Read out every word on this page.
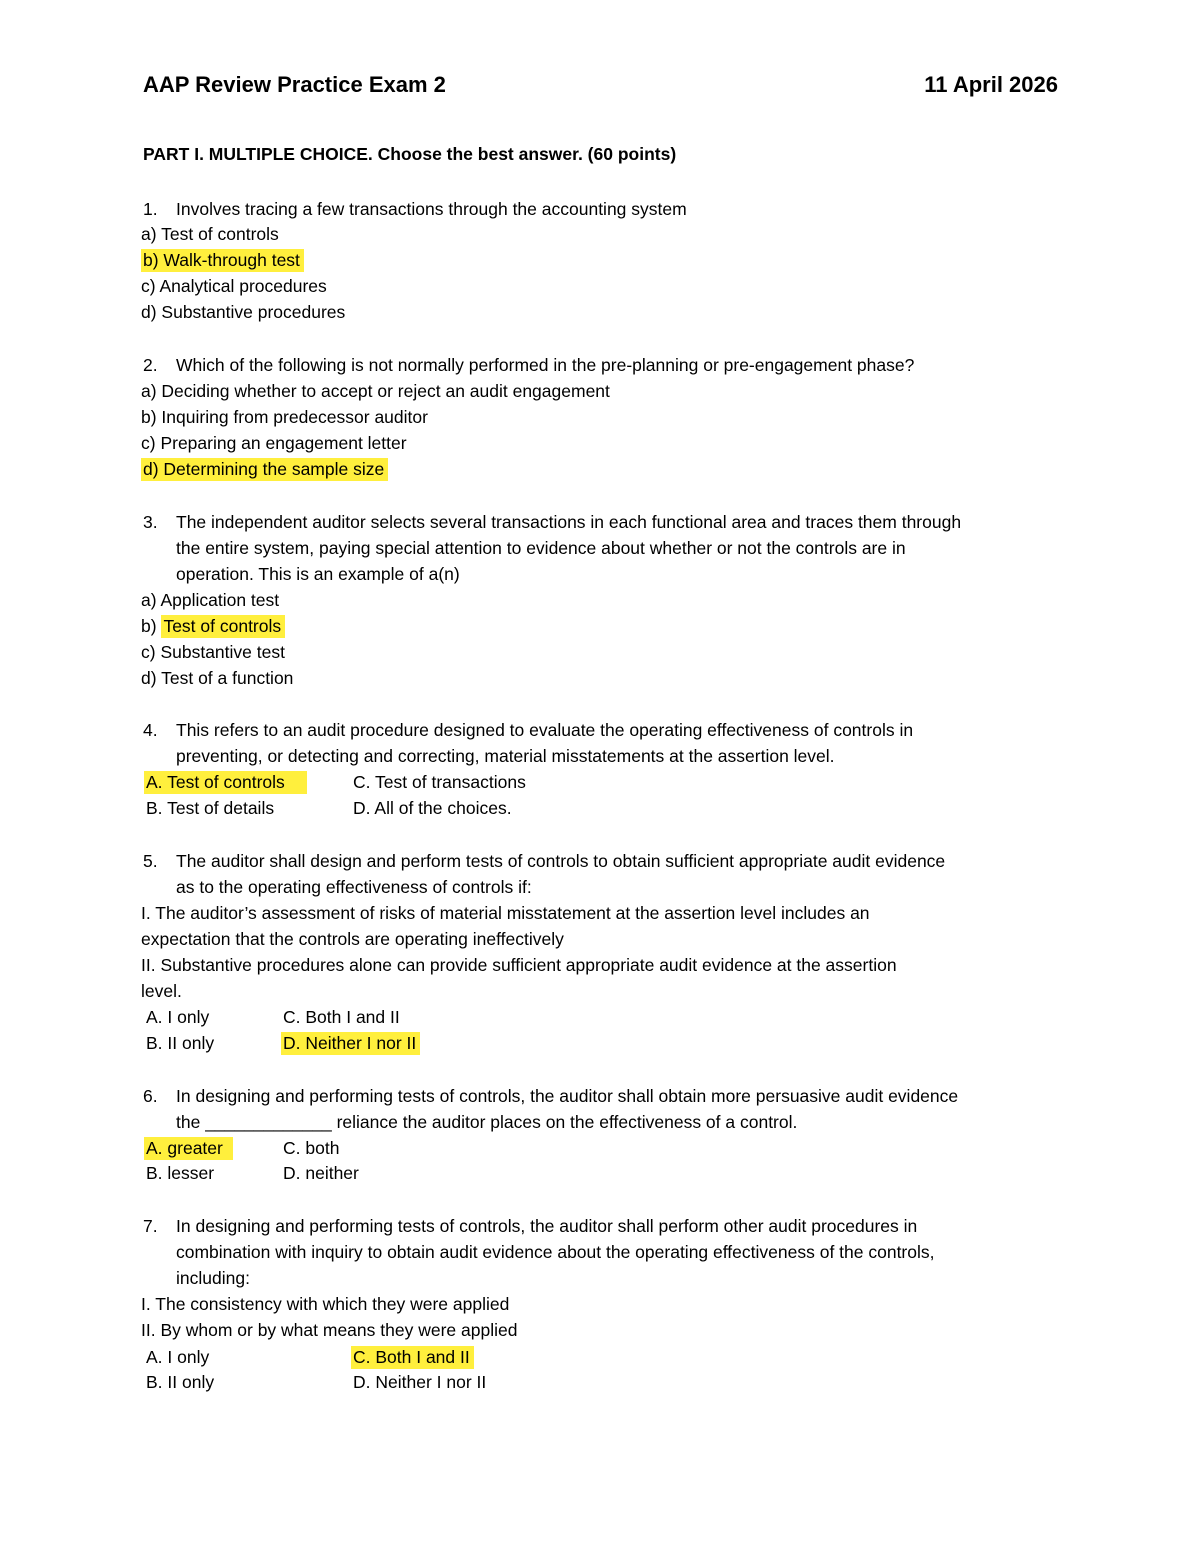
AAP Review Practice Exam 2	11 April 2026
PART I. MULTIPLE CHOICE. Choose the best answer. (60 points)
1. Involves tracing a few transactions through the accounting system
a) Test of controls
b) Walk-through test
c) Analytical procedures
d) Substantive procedures
2. Which of the following is not normally performed in the pre-planning or pre-engagement phase?
a) Deciding whether to accept or reject an audit engagement
b) Inquiring from predecessor auditor
c) Preparing an engagement letter
d) Determining the sample size
3. The independent auditor selects several transactions in each functional area and traces them through
the entire system, paying special attention to evidence about whether or not the controls are in
operation. This is an example of a(n)
a) Application test
b) Test of controls
c) Substantive test
d) Test of a function
4. This refers to an audit procedure designed to evaluate the operating effectiveness of controls in
preventing, or detecting and correcting, material misstatements at the assertion level.
A. Test of controls	C. Test of transactions
B. Test of details	D. All of the choices.
5. The auditor shall design and perform tests of controls to obtain sufficient appropriate audit evidence
as to the operating effectiveness of controls if:
I. The auditor’s assessment of risks of material misstatement at the assertion level includes an
expectation that the controls are operating ineffectively
II. Substantive procedures alone can provide sufficient appropriate audit evidence at the assertion
level.
A. I only	C. Both I and II
B. II only	D. Neither I nor II
6. In designing and performing tests of controls, the auditor shall obtain more persuasive audit evidence
the _____________ reliance the auditor places on the effectiveness of a control.
A. greater	C. both
B. lesser	D. neither
7. In designing and performing tests of controls, the auditor shall perform other audit procedures in
combination with inquiry to obtain audit evidence about the operating effectiveness of the controls,
including:
I. The consistency with which they were applied
II. By whom or by what means they were applied
A. I only	C. Both I and II
B. II only	D. Neither I nor II
